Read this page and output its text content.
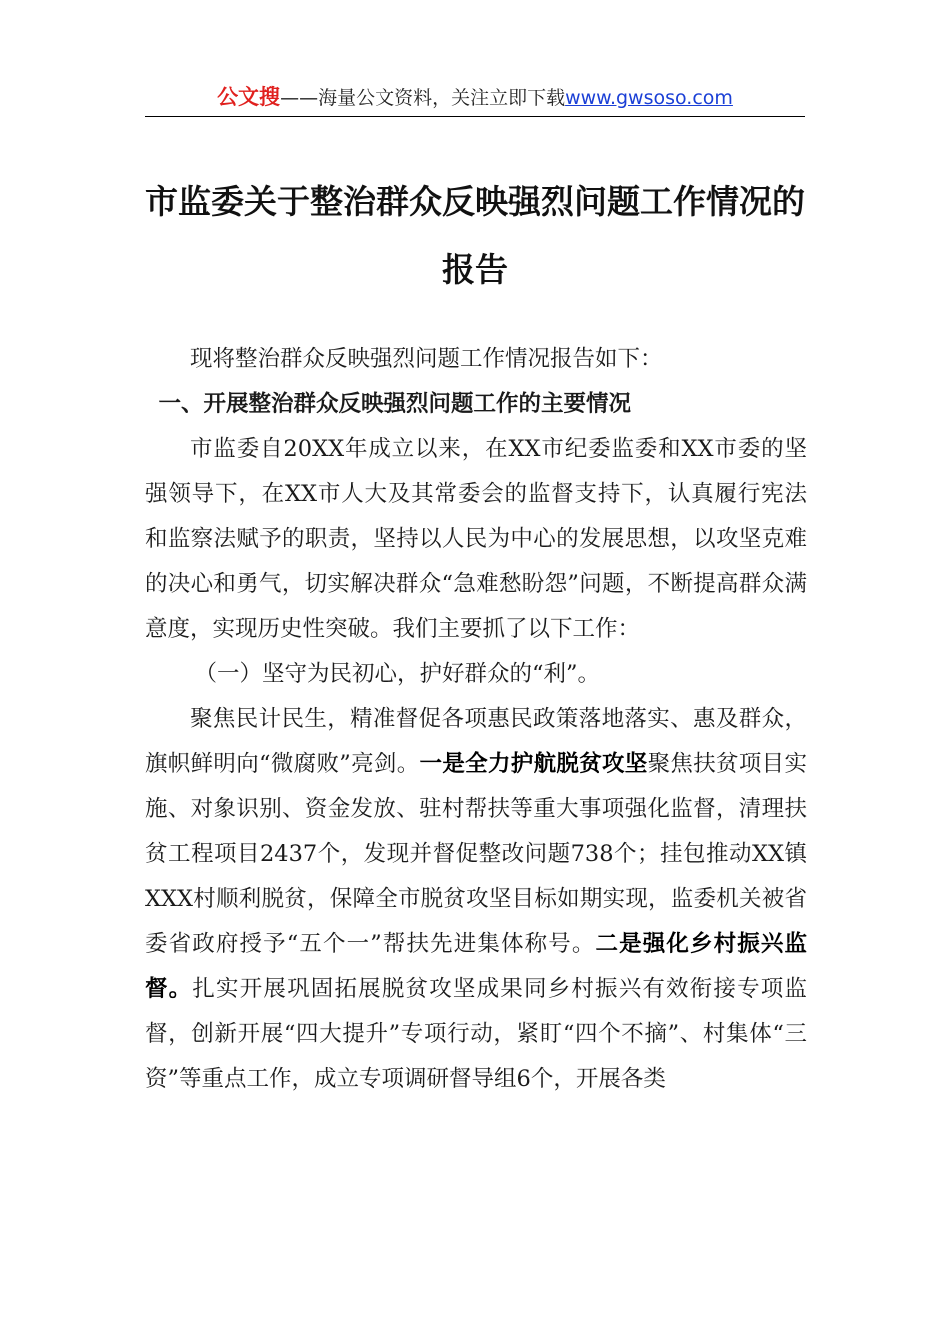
公文搜——海量公文资料，关注立即下载www.gwsoso.com
市监委关于整治群众反映强烈问题工作情况的报告

现将整治群众反映强烈问题工作情况报告如下：

一、开展整治群众反映强烈问题工作的主要情况

市监委自20XX年成立以来，在XX市纪委监委和XX市委的坚强领导下，在XX市人大及其常委会的监督支持下，认真履行宪法和监察法赋予的职责，坚持以人民为中心的发展思想，以攻坚克难的决心和勇气，切实解决群众“急难愁盼怨”问题，不断提高群众满意度，实现历史性突破。我们主要抓了以下工作：

（一）坚守为民初心，护好群众的“利”。

聚焦民计民生，精准督促各项惠民政策落地落实、惠及群众，旗帜鲜明向“微腐败”亮剑。一是全力护航脱贫攻坚聚焦扶贫项目实施、对象识别、资金发放、驻村帮扶等重大事项强化监督，清理扶贫工程项目2437个，发现并督促整改问题738个；挂包推动XX镇XXX村顺利脱贫，保障全市脱贫攻坚目标如期实现，监委机关被省委省政府授予“五个一”帮扶先进集体称号。二是强化乡村振兴监督。扎实开展巩固拓展脱贫攻坚成果同乡村振兴有效衔接专项监督，创新开展“四大提升”专项行动，紧盯“四个不摘”、村集体“三资”等重点工作，成立专项调研督导组6个，开展各类
